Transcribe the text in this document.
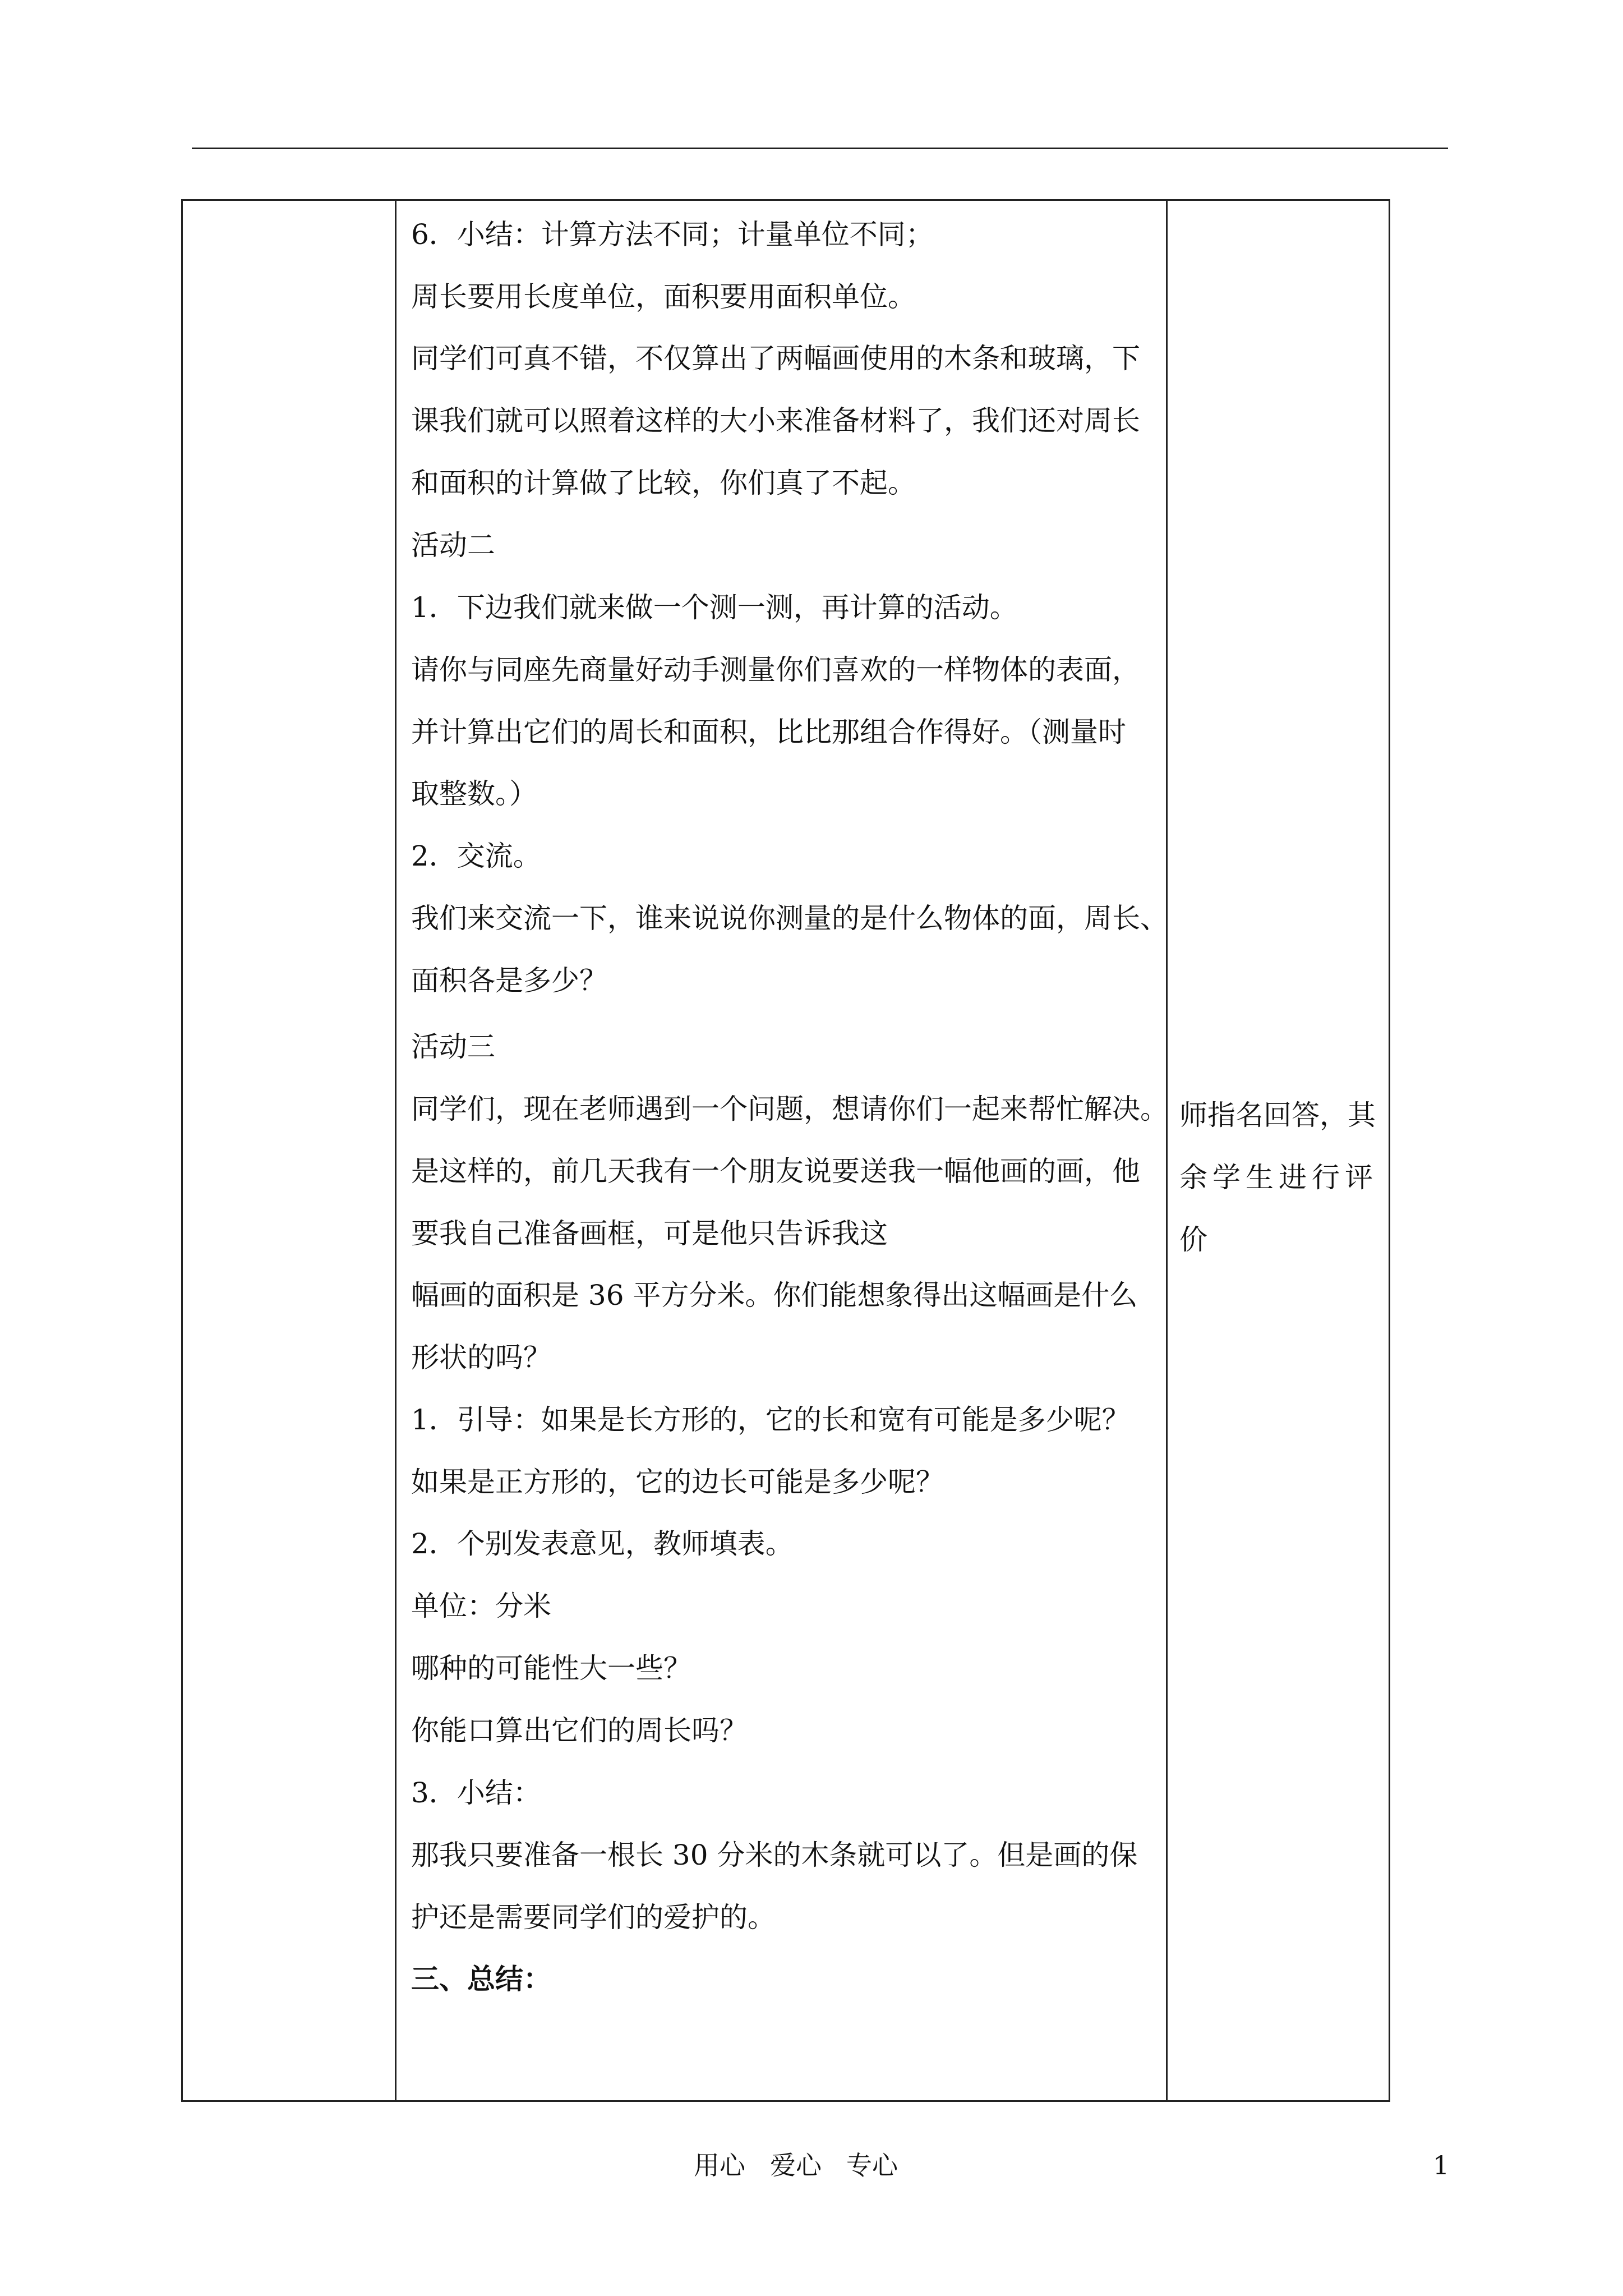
6．小结：计算方法不同；计量单位不同；
周长要用长度单位，面积要用面积单位。
同学们可真不错，不仅算出了两幅画使用的木条和玻璃，下
课我们就可以照着这样的大小来准备材料了，我们还对周长
和面积的计算做了比较，你们真了不起。
活动二
1．下边我们就来做一个测一测，再计算的活动。
请你与同座先商量好动手测量你们喜欢的一样物体的表面，
并计算出它们的周长和面积，比比那组合作得好。（测量时
取整数。）
2．交流。
我们来交流一下，谁来说说你测量的是什么物体的面，周长、
面积各是多少？
活动三
同学们，现在老师遇到一个问题，想请你们一起来帮忙解决。
是这样的，前几天我有一个朋友说要送我一幅他画的画，他
要我自己准备画框，可是他只告诉我这
幅画的面积是 36 平方分米。你们能想象得出这幅画是什么
形状的吗？
1．引导：如果是长方形的，它的长和宽有可能是多少呢？
如果是正方形的，它的边长可能是多少呢？
2．个别发表意见，教师填表。
单位：分米
哪种的可能性大一些？
你能口算出它们的周长吗？
3．小结：
那我只要准备一根长 30 分米的木条就可以了。但是画的保
护还是需要同学们的爱护的。
三、总结：
师指名回答，其
余学生进行评
价
用心 爱心 专心	1
